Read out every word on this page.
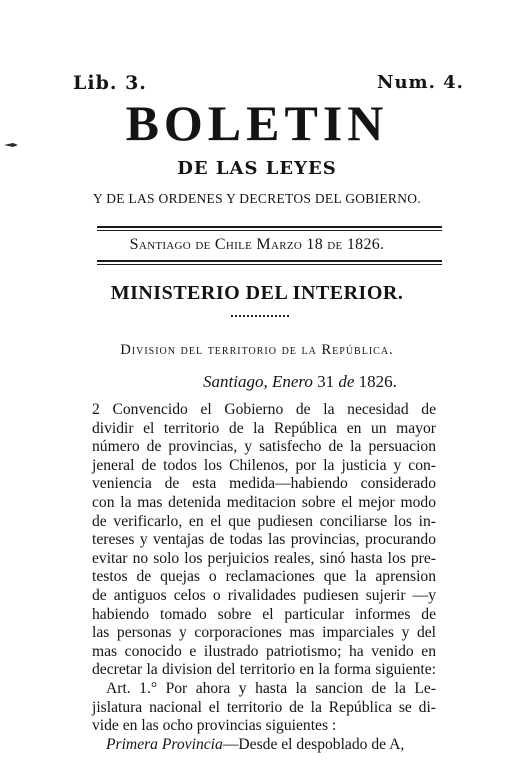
Lib. 3.	Num. 4.
BOLETIN
DE LAS LEYES
Y DE LAS ORDENES Y DECRETOS DEL GOBIERNO.
Santiago de Chile Marzo 18 de 1826.
MINISTERIO DEL INTERIOR.
Division del territorio de la República.
Santiago, Enero 31 de 1826.
2 Convencido el Gobierno de la necesidad de
dividir el territorio de la República en un mayor
número de provincias, y satisfecho de la persuacion
jeneral de todos los Chilenos, por la justicia y con-
veniencia de esta medida—habiendo considerado
con la mas detenida meditacion sobre el mejor modo
de verificarlo, en el que pudiesen conciliarse los in-
tereses y ventajas de todas las provincias, procurando
evitar no solo los perjuicios reales, sinó hasta los pre-
testos de quejas o reclamaciones que la aprension
de antiguos celos o rivalidades pudiesen sujerir —y
habiendo tomado sobre el particular informes de
las personas y corporaciones mas imparciales y del
mas conocido e ilustrado patriotismo; ha venido en
decretar la division del territorio en la forma siguiente:
Art. 1.° Por ahora y hasta la sancion de la Le-
jislatura nacional el territorio de la República se di-
vide en las ocho provincias siguientes :
Primera Provincia—Desde el despoblado de A,
